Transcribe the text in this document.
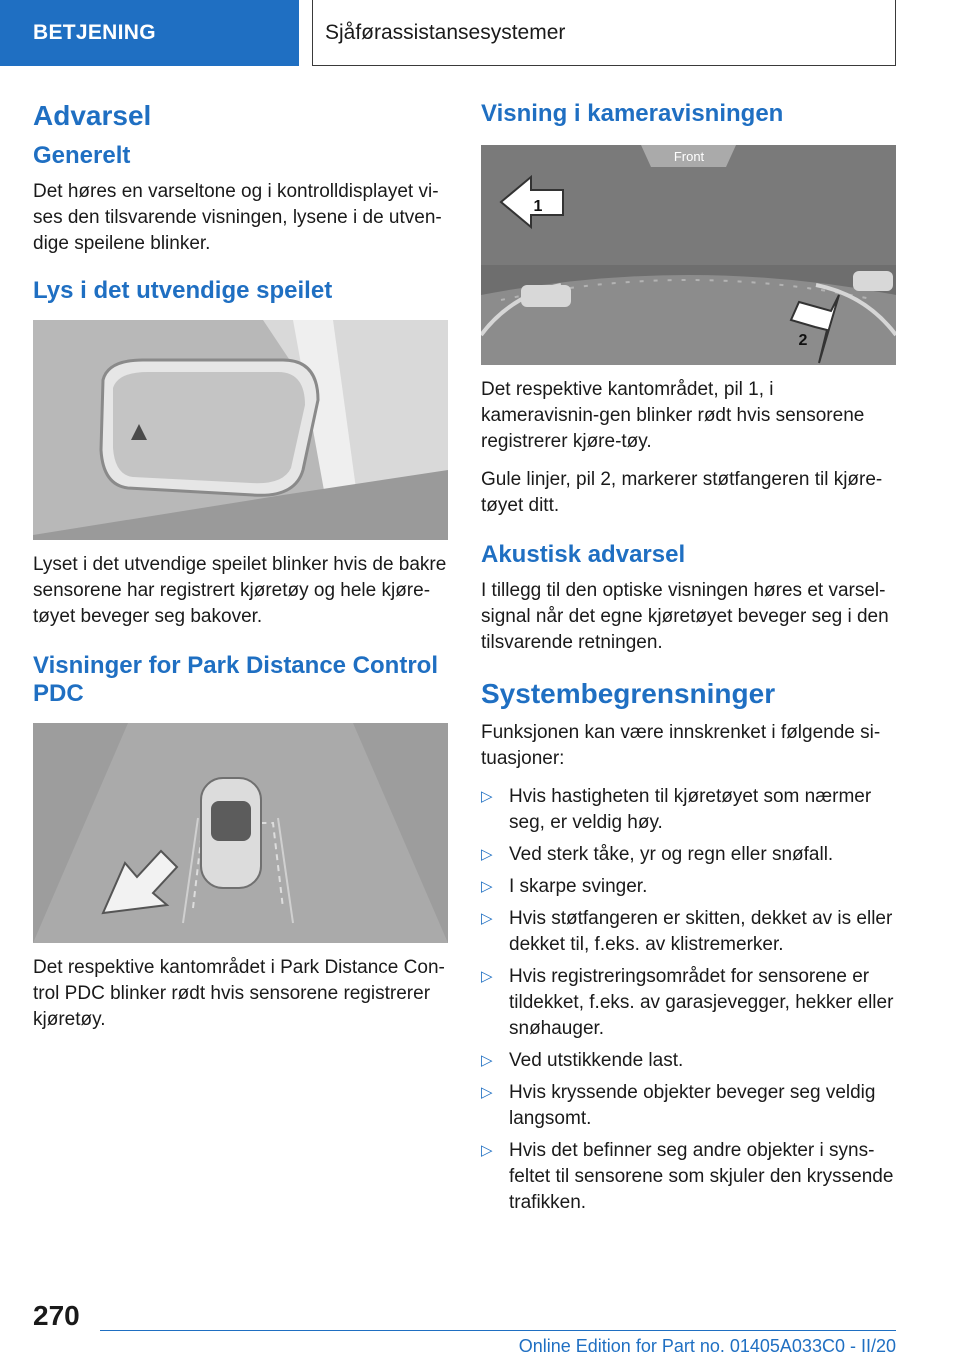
BETJENING	Sjåførassistansesystemer
Advarsel
Generelt

Det høres en varseltone og i kontrolldisplayet vi-ses den tilsvarende visningen, lysene i de utven-dige speilene blinker.

Lys i det utvendige speilet

Lyset i det utvendige speilet blinker hvis de bakre sensorene har registrert kjøretøy og hele kjøre-tøyet beveger seg bakover.

Visninger for Park Distance Control PDC

Det respektive kantområdet i Park Distance Con-trol PDC blinker rødt hvis sensorene registrerer kjøretøy.

Visning i kameravisningen
Front
1
2

Det respektive kantområdet, pil 1, i kameravisnin-gen blinker rødt hvis sensorene registrerer kjøre-tøy.

Gule linjer, pil 2, markerer støtfangeren til kjøre-tøyet ditt.

Akustisk advarsel

I tillegg til den optiske visningen høres et varsel-signal når det egne kjøretøyet beveger seg i den tilsvarende retningen.

Systembegrensninger

Funksjonen kan være innskrenket i følgende si-tuasjoner:

▷ Hvis hastigheten til kjøretøyet som nærmer seg, er veldig høy.
▷ Ved sterk tåke, yr og regn eller snøfall.
▷ I skarpe svinger.
▷ Hvis støtfangeren er skitten, dekket av is eller dekket til, f.eks. av klistremerker.
▷ Hvis registreringsområdet for sensorene er tildekket, f.eks. av garasjevegger, hekker eller snøhauger.
▷ Ved utstikkende last.
▷ Hvis kryssende objekter beveger seg veldig langsomt.
▷ Hvis det befinner seg andre objekter i syns-feltet til sensorene som skjuler den kryssende trafikken.
270
Online Edition for Part no. 01405A033C0 - II/20
